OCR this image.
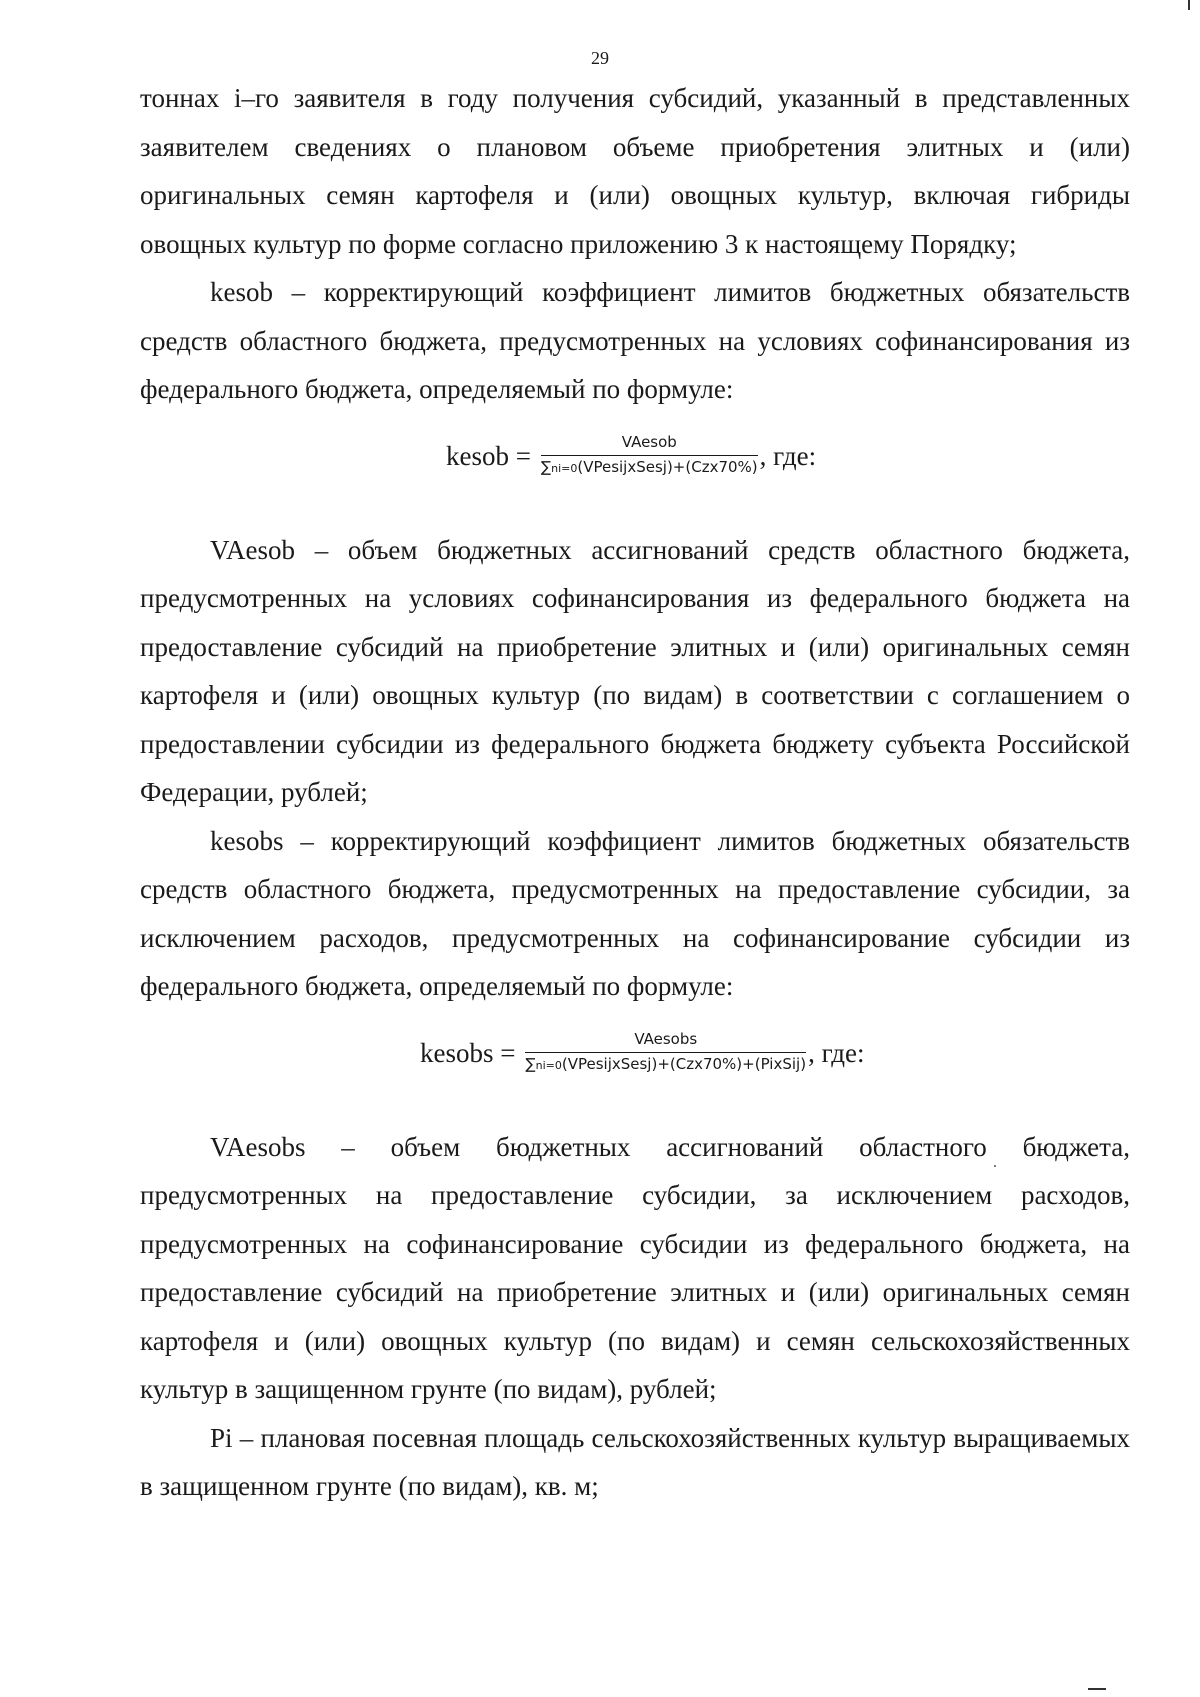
29

тоннах i–го заявителя в году получения субсидий, указанный в представленных заявителем сведениях о плановом объеме приобретения элитных и (или) оригинальных семян картофеля и (или) овощных культур, включая гибриды овощных культур по форме согласно приложению 3 к настоящему Порядку;

kesob – корректирующий коэффициент лимитов бюджетных обязательств средств областного бюджета, предусмотренных на условиях софинансирования из федерального бюджета, определяемый по формуле:

kesob = $\frac{\text{VAesob}}{\text{∑ni=0(VPesijxSesj)+(Czx70\%)}}$ , где:

VAesob – объем бюджетных ассигнований средств областного бюджета, предусмотренных на условиях софинансирования из федерального бюджета на предоставление субсидий на приобретение элитных и (или) оригинальных семян картофеля и (или) овощных культур (по видам) в соответствии с соглашением о предоставлении субсидии из федерального бюджета бюджету субъекта Российской Федерации, рублей;

kesobs – корректирующий коэффициент лимитов бюджетных обязательств средств областного бюджета, предусмотренных на предоставление субсидии, за исключением расходов, предусмотренных на софинансирование субсидии из федерального бюджета, определяемый по формуле:

kesobs = $\frac{\text{VAesobs}}{\text{∑ni=0(VPesijxSesj)+(Czx70\%)+(PixSij)}}$ , где:

VAesobs – объем бюджетных ассигнований областного бюджета, предусмотренных на предоставление субсидии, за исключением расходов, предусмотренных на софинансирование субсидии из федерального бюджета, на предоставление субсидий на приобретение элитных и (или) оригинальных семян картофеля и (или) овощных культур (по видам) и семян сельскохозяйственных культур в защищенном грунте (по видам), рублей;

Pi – плановая посевная площадь сельскохозяйственных культур выращиваемых в защищенном грунте (по видам), кв. м;
